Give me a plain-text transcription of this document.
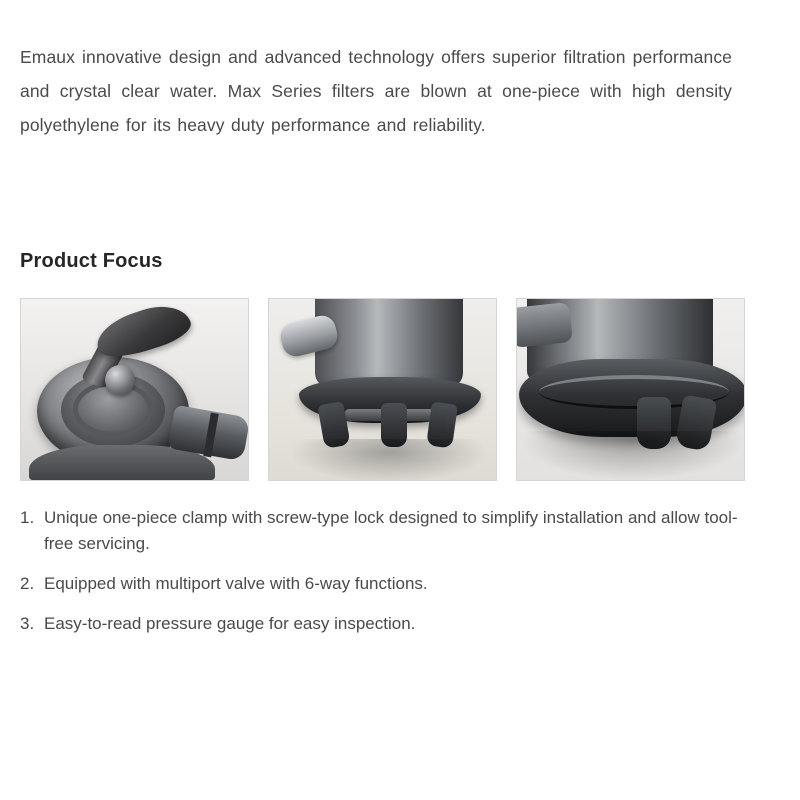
Emaux innovative design and advanced technology offers superior filtration performance and crystal clear water. Max Series filters are blown at one-piece with high density polyethylene for its heavy duty performance and reliability.

Product Focus
1. Unique one-piece clamp with screw-type lock designed to simplify installation and allow tool-free servicing.
2. Equipped with multiport valve with 6-way functions.
3. Easy-to-read pressure gauge for easy inspection.
